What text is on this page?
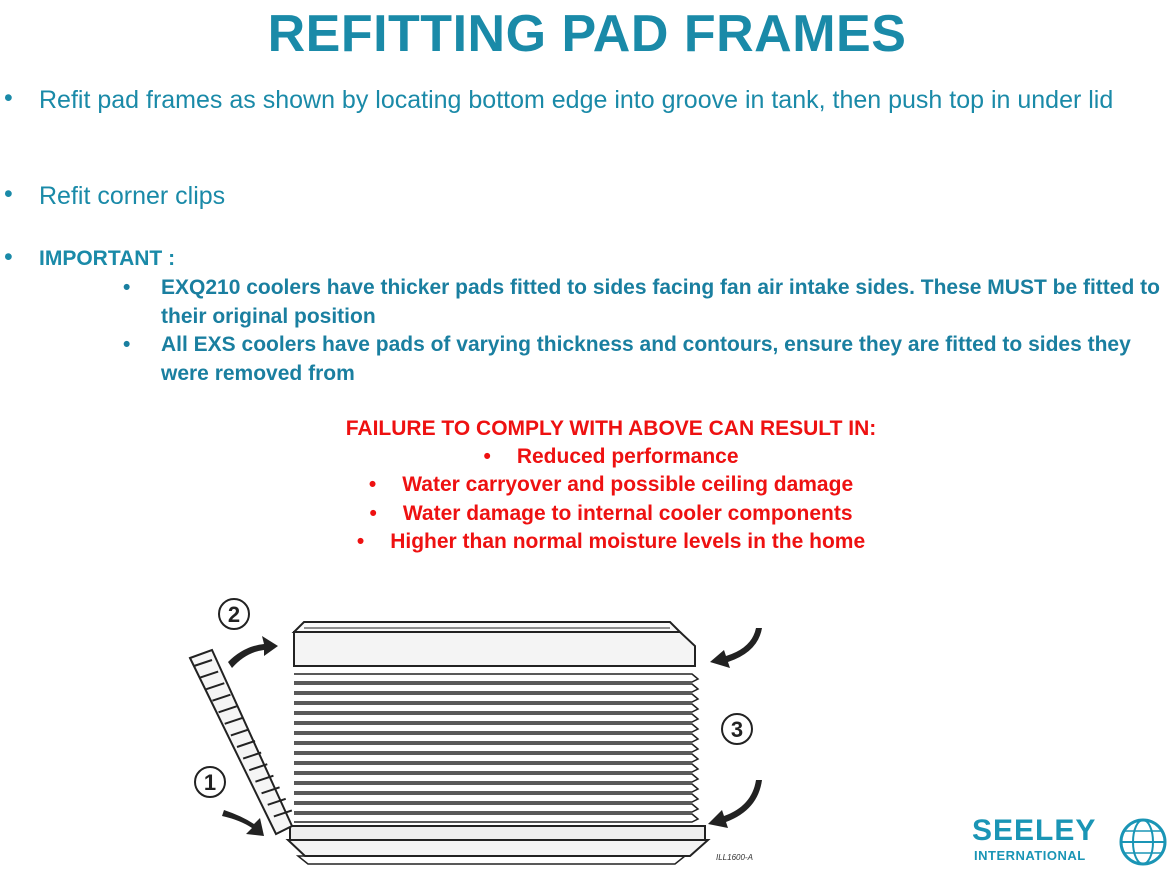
REFITTING PAD FRAMES
• Refit pad frames as shown by locating bottom edge into groove in tank, then push top in under lid
• Refit corner clips
• IMPORTANT :
• EXQ210 coolers have thicker pads fitted to sides facing fan air intake sides. These MUST be fitted to their original position
• All EXS coolers have pads of varying thickness and contours, ensure they are fitted to sides they were removed from
FAILURE TO COMPLY WITH ABOVE CAN RESULT IN:
• Reduced performance
• Water carryover and possible ceiling damage
• Water damage to internal cooler components
• Higher than normal moisture levels in the home
2
1
3
ILL1600-A
SEELEY
INTERNATIONAL
